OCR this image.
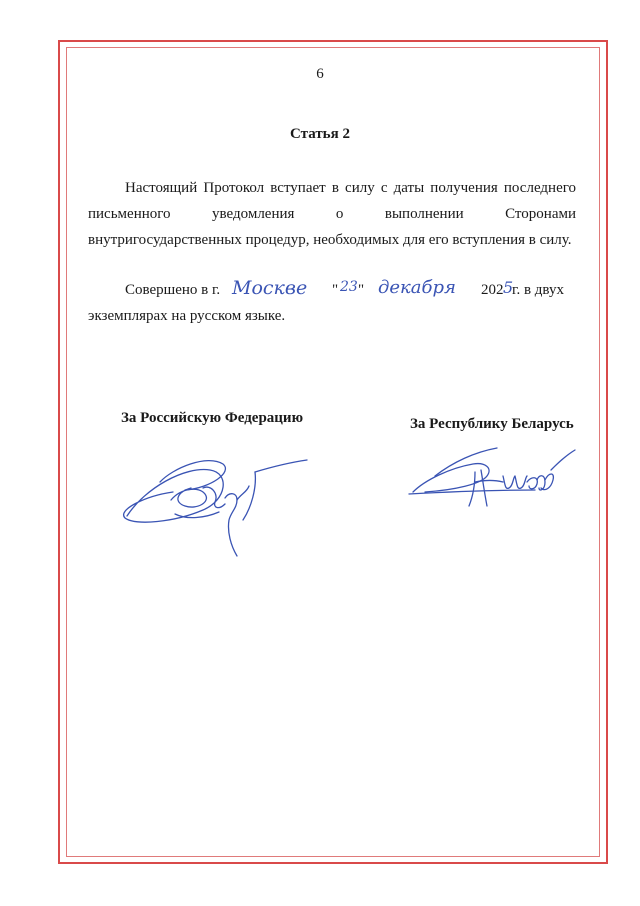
6
Статья 2
Настоящий Протокол вступает в силу с даты получения последнего письменного уведомления о выполнении Сторонами внутригосударственных процедур, необходимых для его вступления в силу.
Совершено в г. Москве " 23 " декабря 202 5
г. в двух
экземплярах на русском языке.
За Российскую Федерацию	За Республику Беларусь
